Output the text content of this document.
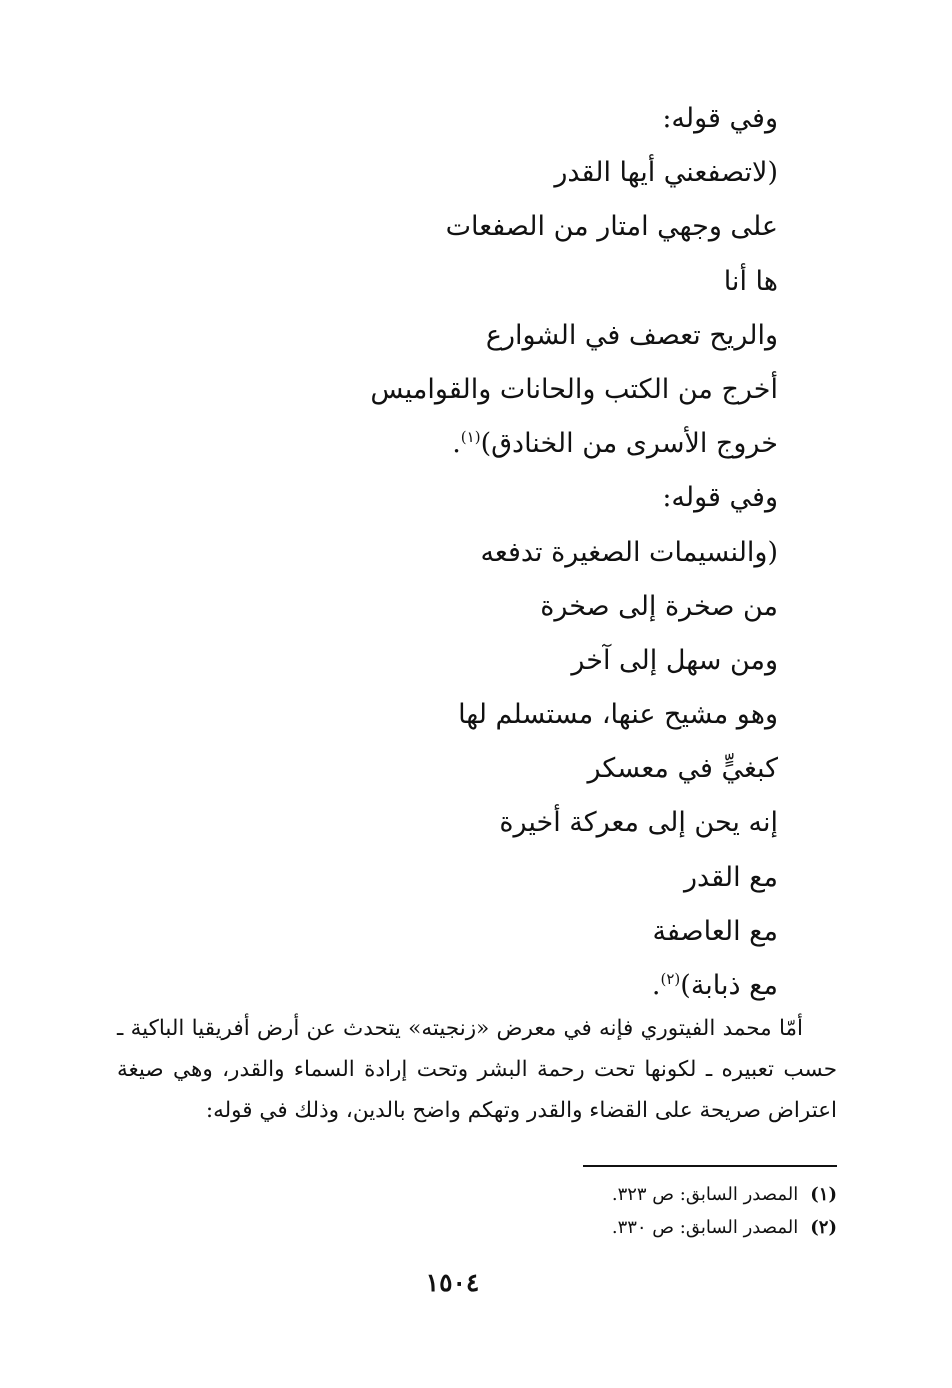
وفي قوله:
(لاتصفعني أيها القدر
على وجهي امتار من الصفعات
ها أنا
والريح تعصف في الشوارع
أخرج من الكتب والحانات والقواميس
خروج الأسرى من الخنادق)$^{(١)}$.
وفي قوله:
(والنسيمات الصغيرة تدفعه
من صخرة إلى صخرة
ومن سهل إلى آخر
وهو مشيح عنها، مستسلم لها
كبغيٍّ في معسكر
إنه يحن إلى معركة أخيرة
مع القدر
مع العاصفة
مع ذبابة)$^{(٢)}$.
أمّا محمد الفيتوري فإنه في معرض «زنجيته» يتحدث عن أرض أفريقيا الباكية ـ حسب تعبيره ـ لكونها تحت رحمة البشر وتحت إرادة السماء والقدر، وهي صيغة اعتراض صريحة على القضاء والقدر وتهكم واضح بالدين، وذلك في قوله:
(١)المصدر السابق: ص ٣٢٣.
(٢)المصدر السابق: ص ٣٣٠.
١٥٠٤
